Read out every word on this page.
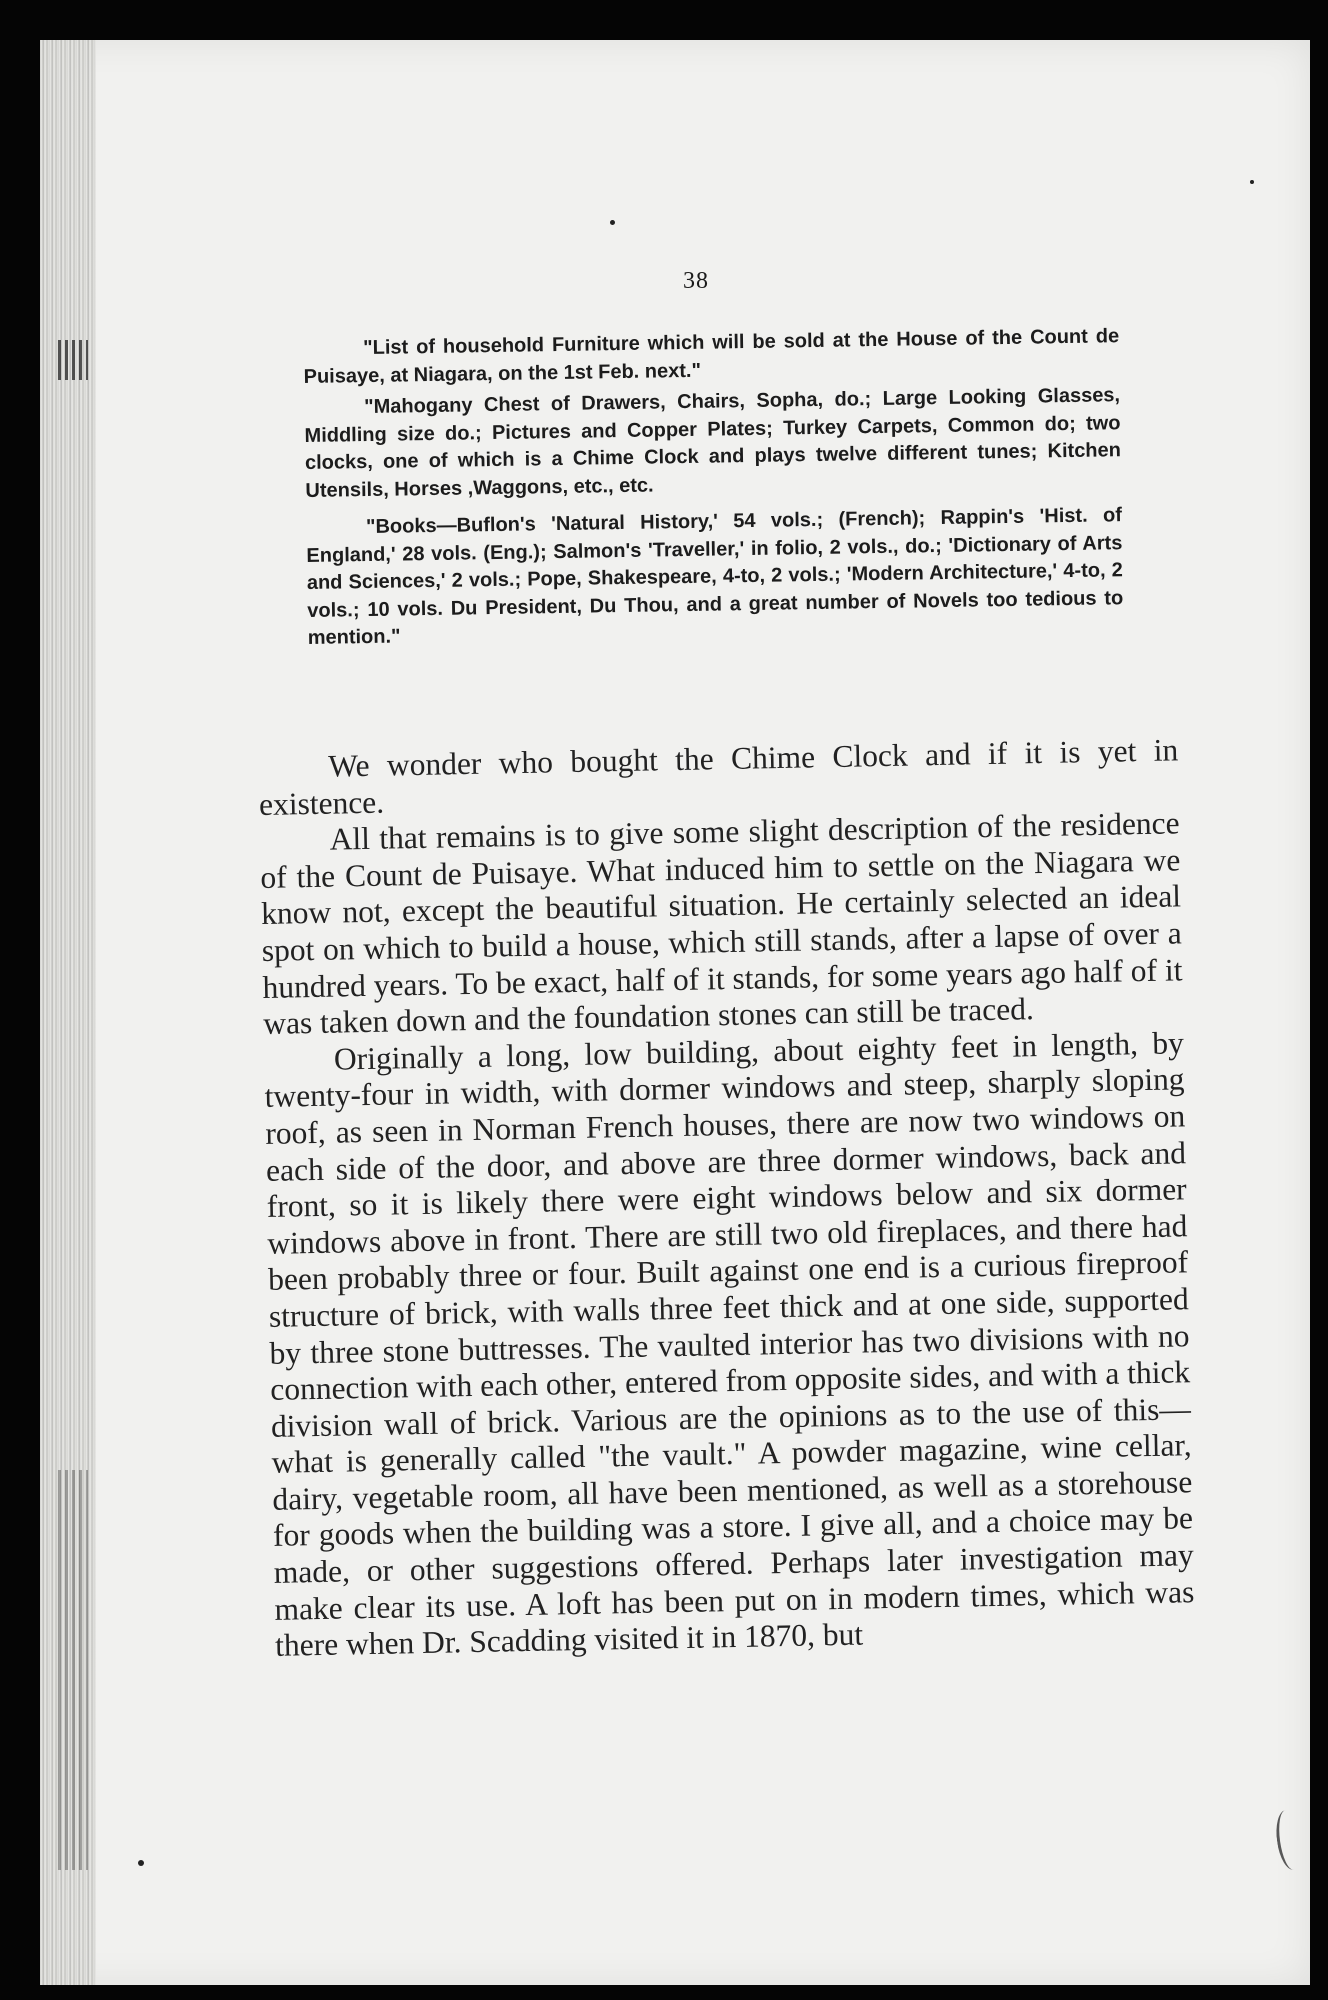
38

"List of household Furniture which will be sold at the House of the Count de Puisaye, at Niagara, on the 1st Feb. next."

"Mahogany Chest of Drawers, Chairs, Sopha, do.; Large Looking Glasses, Middling size do.; Pictures and Copper Plates; Turkey Carpets, Common do; two clocks, one of which is a Chime Clock and plays twelve different tunes; Kitchen Utensils, Horses ,Waggons, etc., etc.

"Books—Buflon's 'Natural History,' 54 vols.; (French); Rappin's 'Hist. of England,' 28 vols. (Eng.); Salmon's 'Traveller,' in folio, 2 vols., do.; 'Dictionary of Arts and Sciences,' 2 vols.; Pope, Shakespeare, 4-to, 2 vols.; 'Modern Architecture,' 4-to, 2 vols.; 10 vols. Du President, Du Thou, and a great number of Novels too tedious to mention."

We wonder who bought the Chime Clock and if it is yet in existence.

All that remains is to give some slight description of the residence of the Count de Puisaye. What induced him to settle on the Niagara we know not, except the beautiful situation. He certainly selected an ideal spot on which to build a house, which still stands, after a lapse of over a hundred years. To be exact, half of it stands, for some years ago half of it was taken down and the foundation stones can still be traced.

Originally a long, low building, about eighty feet in length, by twenty-four in width, with dormer windows and steep, sharply sloping roof, as seen in Norman French houses, there are now two windows on each side of the door, and above are three dormer windows, back and front, so it is likely there were eight windows below and six dormer windows above in front. There are still two old fireplaces, and there had been probably three or four. Built against one end is a curious fireproof structure of brick, with walls three feet thick and at one side, supported by three stone buttresses. The vaulted interior has two divisions with no connection with each other, entered from opposite sides, and with a thick division wall of brick. Various are the opinions as to the use of this—what is generally called "the vault." A powder magazine, wine cellar, dairy, vegetable room, all have been mentioned, as well as a storehouse for goods when the building was a store. I give all, and a choice may be made, or other suggestions offered. Perhaps later investigation may make clear its use. A loft has been put on in modern times, which was there when Dr. Scadding visited it in 1870, but
